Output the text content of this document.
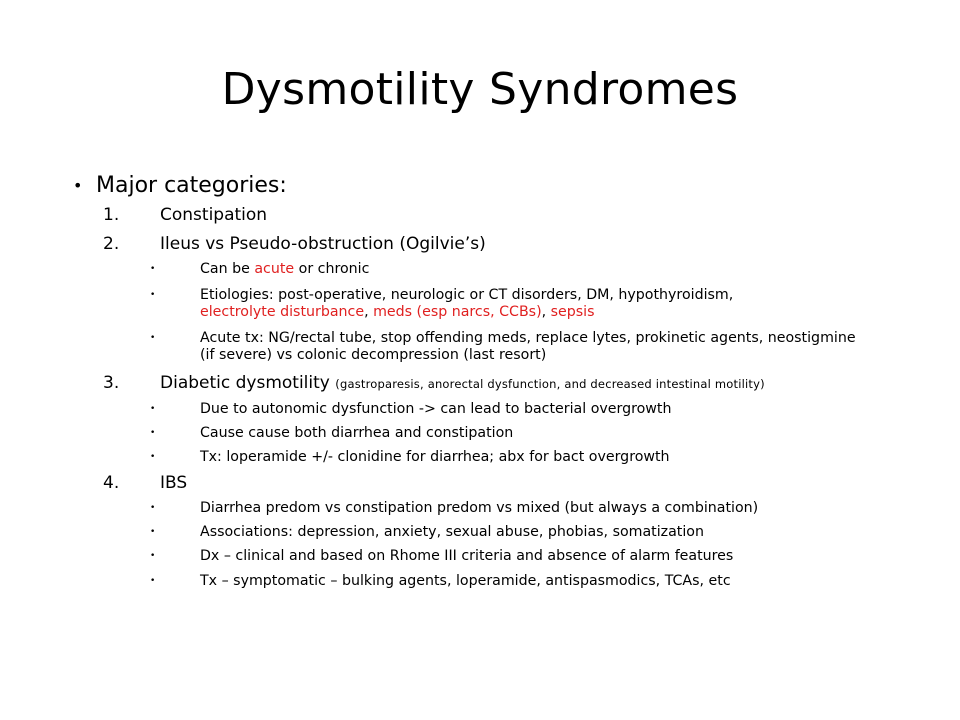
Dysmotility Syndromes
• Major categories:
1. Constipation
2. Ileus vs Pseudo-obstruction (Ogilvie’s)
•	Can be acute or chronic
•	Etiologies: post-operative, neurologic or CT disorders, DM, hypothyroidism,
electrolyte disturbance, meds (esp narcs, CCBs), sepsis
•	Acute tx: NG/rectal tube, stop offending meds, replace lytes, prokinetic agents, neostigmine (if severe) vs colonic decompression (last resort)
3. Diabetic dysmotility (gastroparesis, anorectal dysfunction, and decreased intestinal motility)
•	Due to autonomic dysfunction -> can lead to bacterial overgrowth
•	Cause cause both diarrhea and constipation
•	Tx: loperamide +/- clonidine for diarrhea; abx for bact overgrowth
4. IBS
•	Diarrhea predom vs constipation predom vs mixed (but always a combination)
•	Associations: depression, anxiety, sexual abuse, phobias, somatization
•	Dx – clinical and based on Rhome III criteria and absence of alarm features
•	Tx – symptomatic – bulking agents, loperamide, antispasmodics, TCAs, etc
